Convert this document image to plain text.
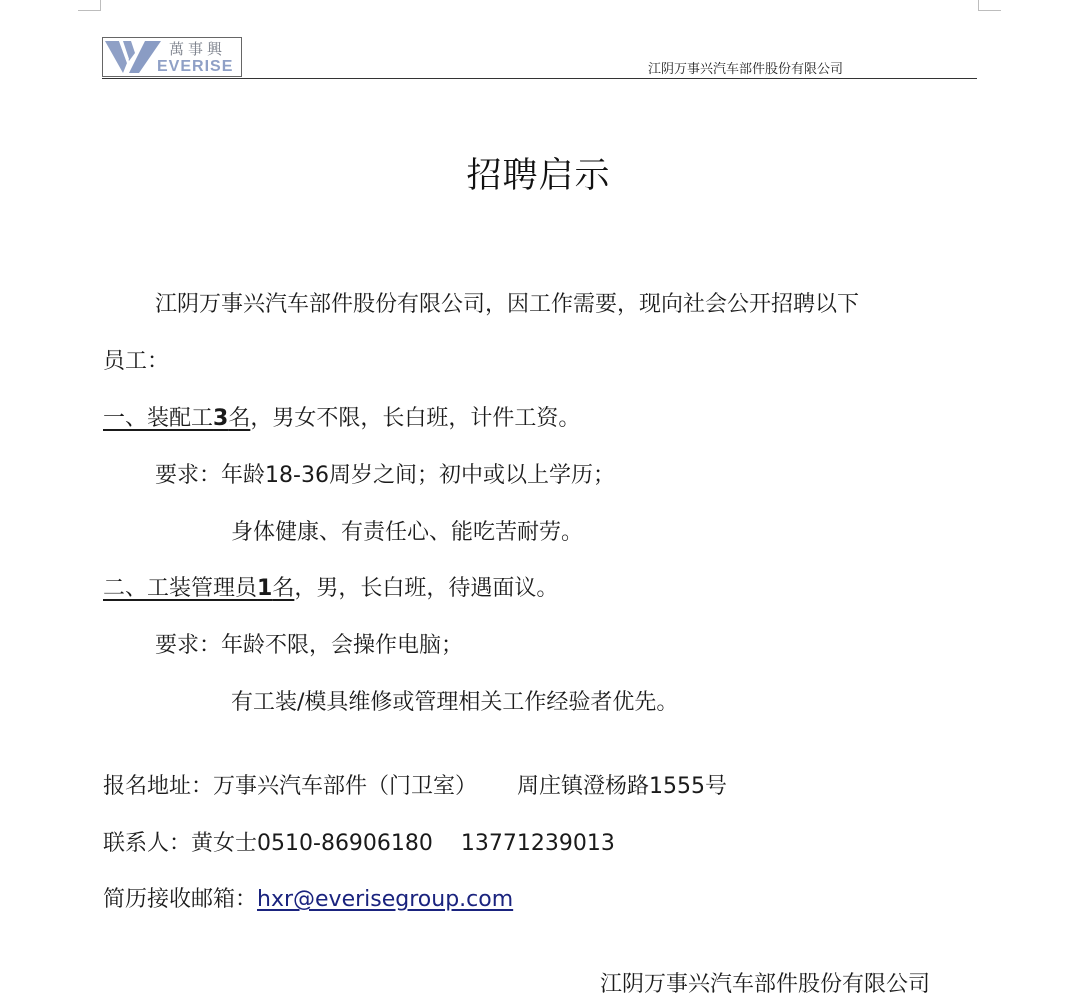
萬事興
EVERISE	江阴万事兴汽车部件股份有限公司
招聘启示
江阴万事兴汽车部件股份有限公司，因工作需要，现向社会公开招聘以下
员工：
一、装配工3名，男女不限，长白班，计件工资。
要求：年龄18-36周岁之间；初中或以上学历；
身体健康、有责任心、能吃苦耐劳。
二、工装管理员1名，男，长白班，待遇面议。
要求：年龄不限，会操作电脑；
有工装/模具维修或管理相关工作经验者优先。
报名地址：万事兴汽车部件（门卫室） 周庄镇澄杨路1555号
联系人：黄女士0510-86906180 13771239013
简历接收邮箱：hxr@everisegroup.com
江阴万事兴汽车部件股份有限公司
